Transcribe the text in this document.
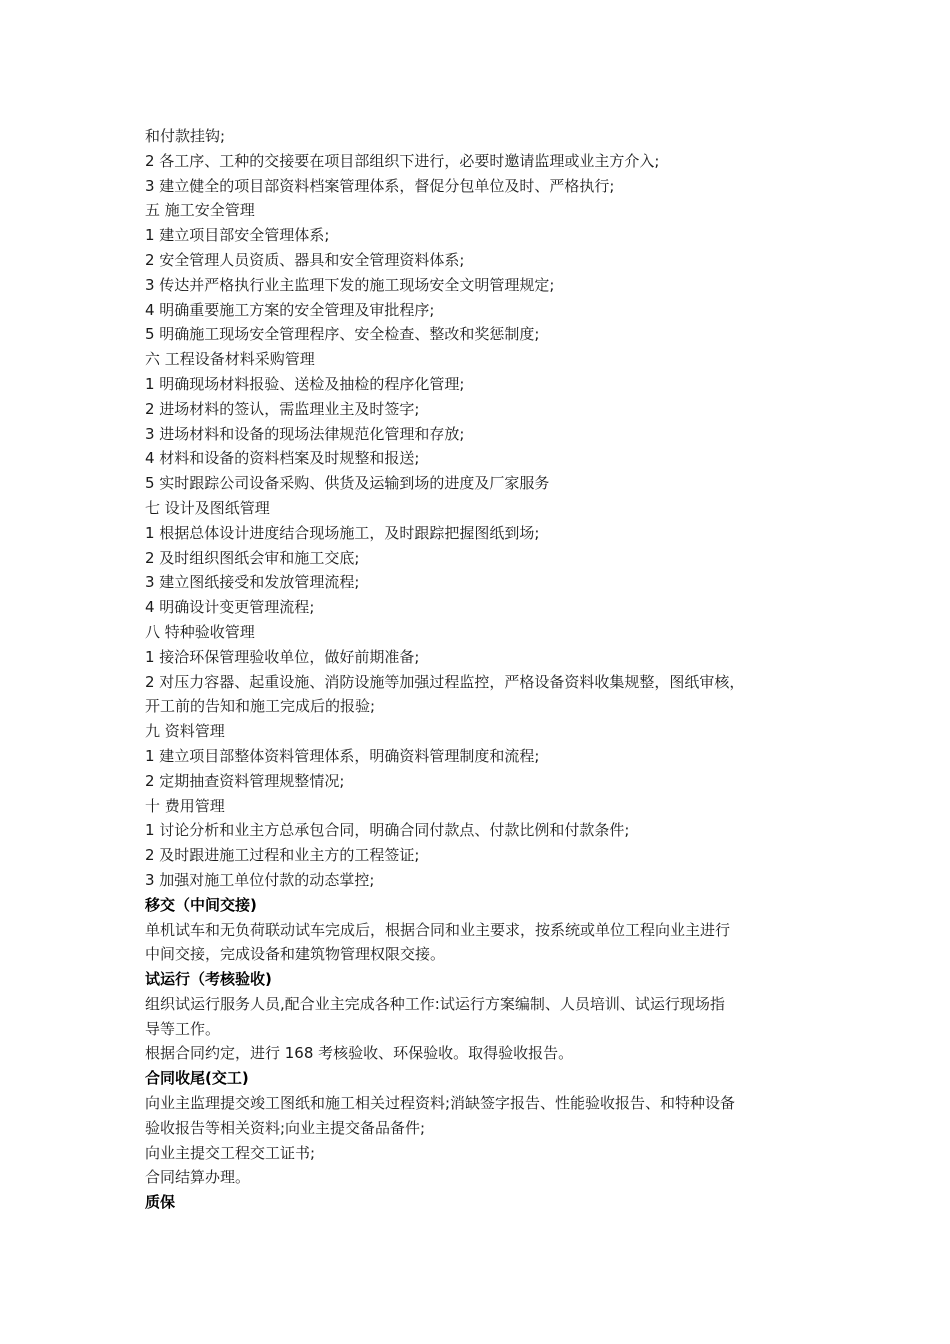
和付款挂钩;
2 各工序、工种的交接要在项目部组织下进行，必要时邀请监理或业主方介入;
3 建立健全的项目部资料档案管理体系，督促分包单位及时、严格执行;
五 施工安全管理
1 建立项目部安全管理体系;
2 安全管理人员资质、器具和安全管理资料体系;
3 传达并严格执行业主监理下发的施工现场安全文明管理规定;
4 明确重要施工方案的安全管理及审批程序;
5 明确施工现场安全管理程序、安全检查、整改和奖惩制度;
六 工程设备材料采购管理
1 明确现场材料报验、送检及抽检的程序化管理;
2 进场材料的签认，需监理业主及时签字;
3 进场材料和设备的现场法律规范化管理和存放;
4 材料和设备的资料档案及时规整和报送;
5 实时跟踪公司设备采购、供货及运输到场的进度及厂家服务
七 设计及图纸管理
1 根据总体设计进度结合现场施工，及时跟踪把握图纸到场;
2 及时组织图纸会审和施工交底;
3 建立图纸接受和发放管理流程;
4 明确设计变更管理流程;
八 特种验收管理
1 接洽环保管理验收单位，做好前期准备;
2 对压力容器、起重设施、消防设施等加强过程监控，严格设备资料收集规整，图纸审核，
开工前的告知和施工完成后的报验;
九 资料管理
1 建立项目部整体资料管理体系，明确资料管理制度和流程;
2 定期抽查资料管理规整情况;
十 费用管理
1 讨论分析和业主方总承包合同，明确合同付款点、付款比例和付款条件;
2 及时跟进施工过程和业主方的工程签证;
3 加强对施工单位付款的动态掌控;
移交（中间交接)
单机试车和无负荷联动试车完成后，根据合同和业主要求，按系统或单位工程向业主进行
中间交接，完成设备和建筑物管理权限交接。
试运行（考核验收)
组织试运行服务人员,配合业主完成各种工作:试运行方案编制、人员培训、试运行现场指
导等工作。
根据合同约定，进行 168 考核验收、环保验收。取得验收报告。
合同收尾(交工)
向业主监理提交竣工图纸和施工相关过程资料;消缺签字报告、性能验收报告、和特种设备
验收报告等相关资料;向业主提交备品备件;
向业主提交工程交工证书;
合同结算办理。
质保
